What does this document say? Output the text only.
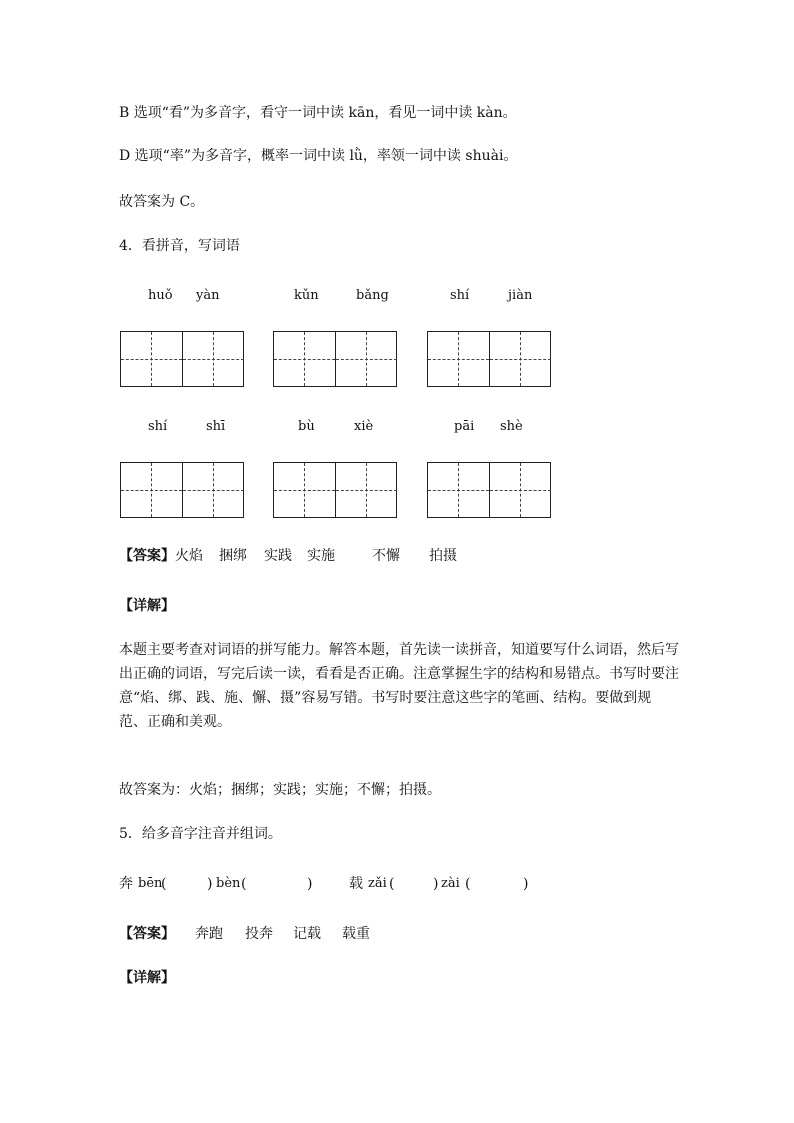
B 选项“看”为多音字，看守一词中读 kān，看见一词中读 kàn。
D 选项“率”为多音字，概率一词中读 lǜ，率领一词中读 shuài。
故答案为 C。
4．看拼音，写词语
huǒ yàn	kǔn	bǎng	shí	jiàn
shí	shī	bù	xiè	pāi shè
【答案】 火焰 捆绑 实践 实施	不懈 拍摄
【详解】
本题主要考查对词语的拼写能力。解答本题，首先读一读拼音，知道要写什么词语，然后写出正确的词语，写完后读一读，看看是否正确。注意掌握生字的结构和易错点。书写时要注意“焰、绑、践、施、懈、摄”容易写错。书写时要注意这些字的笔画、结构。要做到规范、正确和美观。
故答案为：火焰；捆绑；实践；实施；不懈；拍摄。
5．给多音字注音并组词。
奔 bēn
(	) bèn (	)	载 zǎi (	) zài (	)
【答案】 奔跑 投奔 记载 载重
【详解】
